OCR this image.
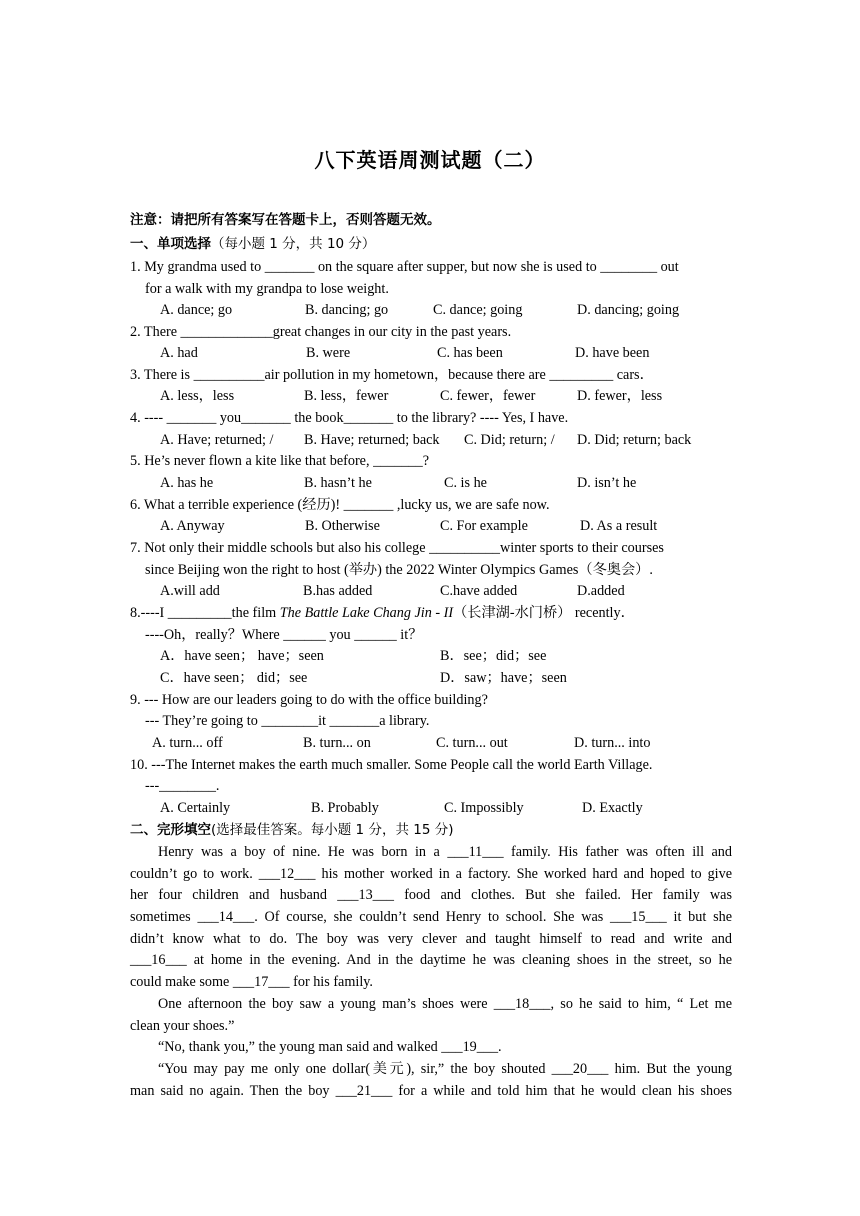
八下英语周测试题（二）
注意：请把所有答案写在答题卡上，否则答题无效。
一、单项选择（每小题 1 分，共 10 分）
1. My grandma used to _______ on the square after supper, but now she is used to ________ out
for a walk with my grandpa to lose weight.
A. dance; go	B. dancing; go	C. dance; going	D. dancing; going
2. There _____________great changes in our city in the past years.
A. had	B. were	C. has been	D. have been
3. There is __________air pollution in my hometown，because there are _________ cars．
A. less，less	B. less，fewer	C. fewer，fewer	D. fewer，less
4. ---- _______ you_______ the book_______ to the library? ---- Yes, I have.
A. Have; returned; / B. Have; returned; back C. Did; return; / D. Did; return; back
5. He’s never flown a kite like that before, _______?
A. has he	B. hasn’t he	C. is he	D. isn’t he
6. What a terrible experience (经历)! _______ ,lucky us, we are safe now.
A. Anyway	B. Otherwise	C. For example	D. As a result
7. Not only their middle schools but also his college __________winter sports to their courses
since Beijing won the right to host (举办) the 2022 Winter Olympics Games（冬奥会）.
A.will add	B.has added	C.have added	D.added
8.----I _________the film The Battle Lake Chang Jin - II（长津湖-水门桥） recently．
----Oh，really？Where ______ you ______ it？
A．have seen； have；seen	B．see；did；see
C．have seen； did；see	D．saw；have；seen
9. --- How are our leaders going to do with the office building?
--- They’re going to ________it _______a library.
A. turn... off	B. turn... on	C. turn... out	D. turn... into
10. ---The Internet makes the earth much smaller. Some People call the world Earth Village.
---________.
A. Certainly	B. Probably	C. Impossibly	D. Exactly
二、完形填空(选择最佳答案。每小题 1 分，共 15 分)
Henry was a boy of nine. He was born in a ___11___ family. His father was often ill and
couldn’t go to work. ___12___ his mother worked in a factory. She worked hard and hoped to give
her four children and husband ___13___ food and clothes. But she failed. Her family was
sometimes ___14___. Of course, she couldn’t send Henry to school. She was ___15___ it but she
didn’t know what to do. The boy was very clever and taught himself to read and write and
___16___ at home in the evening. And in the daytime he was cleaning shoes in the street, so he
could make some ___17___ for his family.
One afternoon the boy saw a young man’s shoes were ___18___, so he said to him, “ Let me
clean your shoes.”
“No, thank you,” the young man said and walked ___19___.
“You may pay me only one dollar(美元), sir,” the boy shouted ___20___ him. But the young
man said no again. Then the boy ___21___ for a while and told him that he would clean his shoes
